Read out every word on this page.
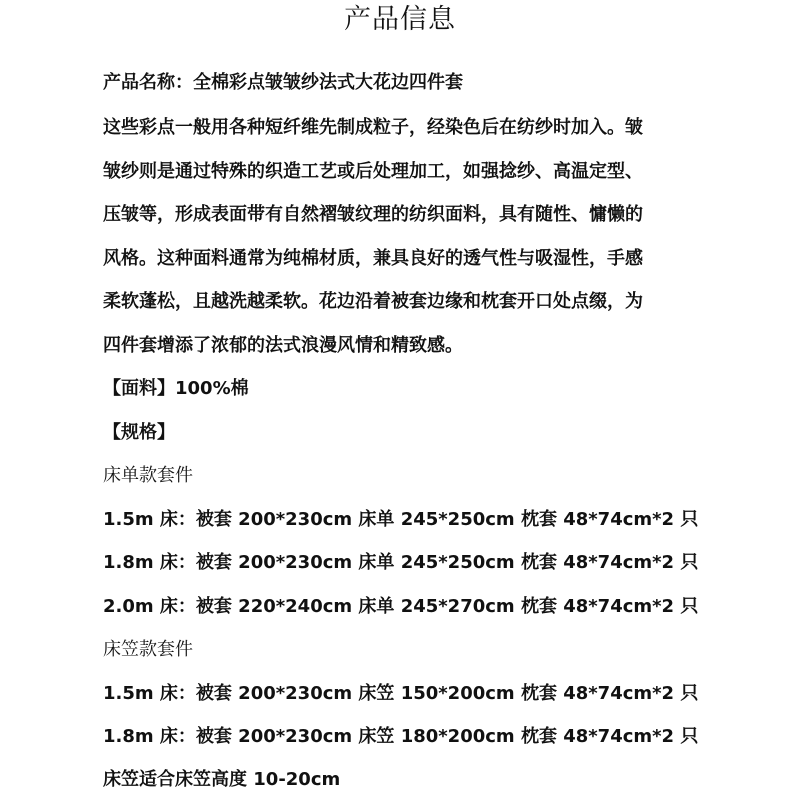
产品信息
产品名称：全棉彩点皱皱纱法式大花边四件套
这些彩点一般用各种短纤维先制成粒子，经染色后在纺纱时加入。皱
皱纱则是通过特殊的织造工艺或后处理加工，如强捻纱、高温定型、
压皱等，形成表面带有自然褶皱纹理的纺织面料，具有随性、慵懒的
风格。这种面料通常为纯棉材质，兼具良好的透气性与吸湿性，手感
柔软蓬松，且越洗越柔软。花边沿着被套边缘和枕套开口处点缀，为
四件套增添了浓郁的法式浪漫风情和精致感。
【面料】100%棉
【规格】
床单款套件
1.5m 床：被套 200*230cm 床单 245*250cm 枕套 48*74cm*2 只
1.8m 床：被套 200*230cm 床单 245*250cm 枕套 48*74cm*2 只
2.0m 床：被套 220*240cm 床单 245*270cm 枕套 48*74cm*2 只
床笠款套件
1.5m 床：被套 200*230cm 床笠 150*200cm 枕套 48*74cm*2 只
1.8m 床：被套 200*230cm 床笠 180*200cm 枕套 48*74cm*2 只
床笠适合床笠高度 10-20cm
